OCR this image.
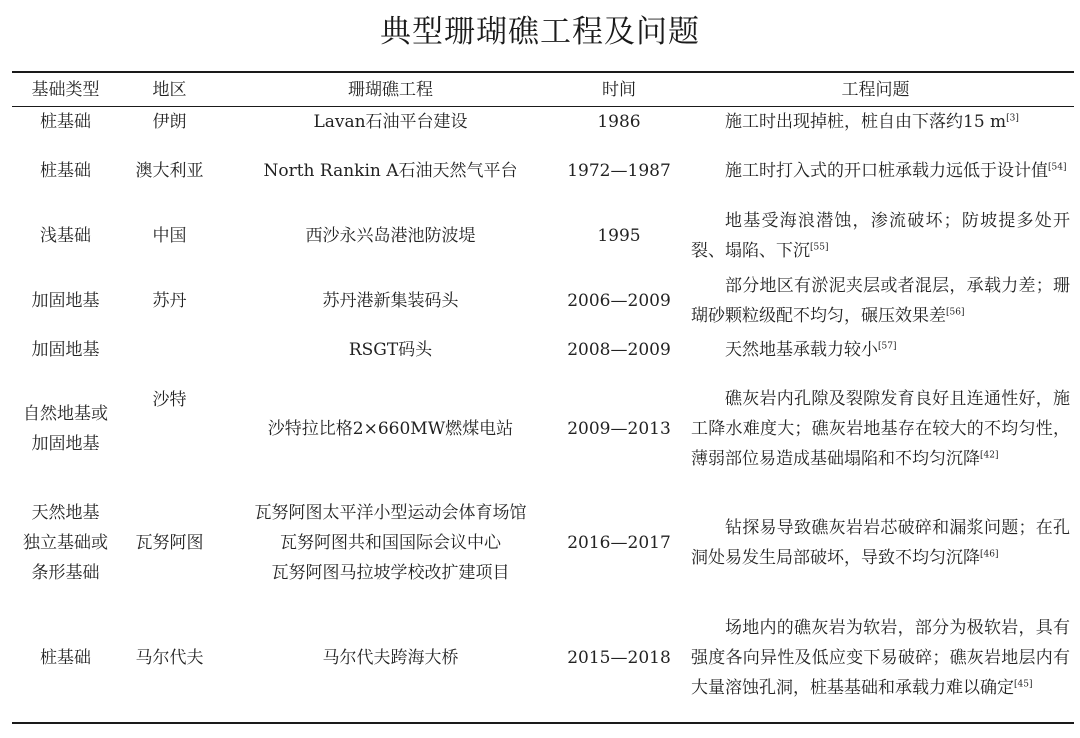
典型珊瑚礁工程及问题
基础类型	地区	珊瑚礁工程	时间	工程问题

桩基础	伊朗	Lavan石油平台建设	1986	施工时出现掉桩，桩自由下落约15 m[3]

桩基础	澳大利亚	North Rankin A石油天然气平台	1972—1987	施工时打入式的开口桩承载力远低于设计值[54]

浅基础	中国	西沙永兴岛港池防波堤	1995	地基受海浪潜蚀，渗流破坏；防坡提多处开裂、塌陷、下沉[55]

加固地基	苏丹	苏丹港新集装码头	2006—2009	部分地区有淤泥夹层或者混层，承载力差；珊瑚砂颗粒级配不均匀，碾压效果差[56]

加固地基		RSGT码头	2008—2009	天然地基承载力较小[57]

自然地基或
加固地基	沙特	沙特拉比格2×660MW燃煤电站	2009—2013	礁灰岩内孔隙及裂隙发育良好且连通性好，施工降水难度大；礁灰岩地基存在较大的不均匀性，薄弱部位易造成基础塌陷和不均匀沉降[42]

天然地基
独立基础或
条形基础	瓦努阿图	瓦努阿图太平洋小型运动会体育场馆
瓦努阿图共和国国际会议中心
瓦努阿图马拉坡学校改扩建项目	2016—2017	钻探易导致礁灰岩岩芯破碎和漏浆问题；在孔洞处易发生局部破坏，导致不均匀沉降[46]

桩基础	马尔代夫	马尔代夫跨海大桥	2015—2018	场地内的礁灰岩为软岩，部分为极软岩，具有强度各向异性及低应变下易破碎；礁灰岩地层内有大量溶蚀孔洞，桩基基础和承载力难以确定[45]
